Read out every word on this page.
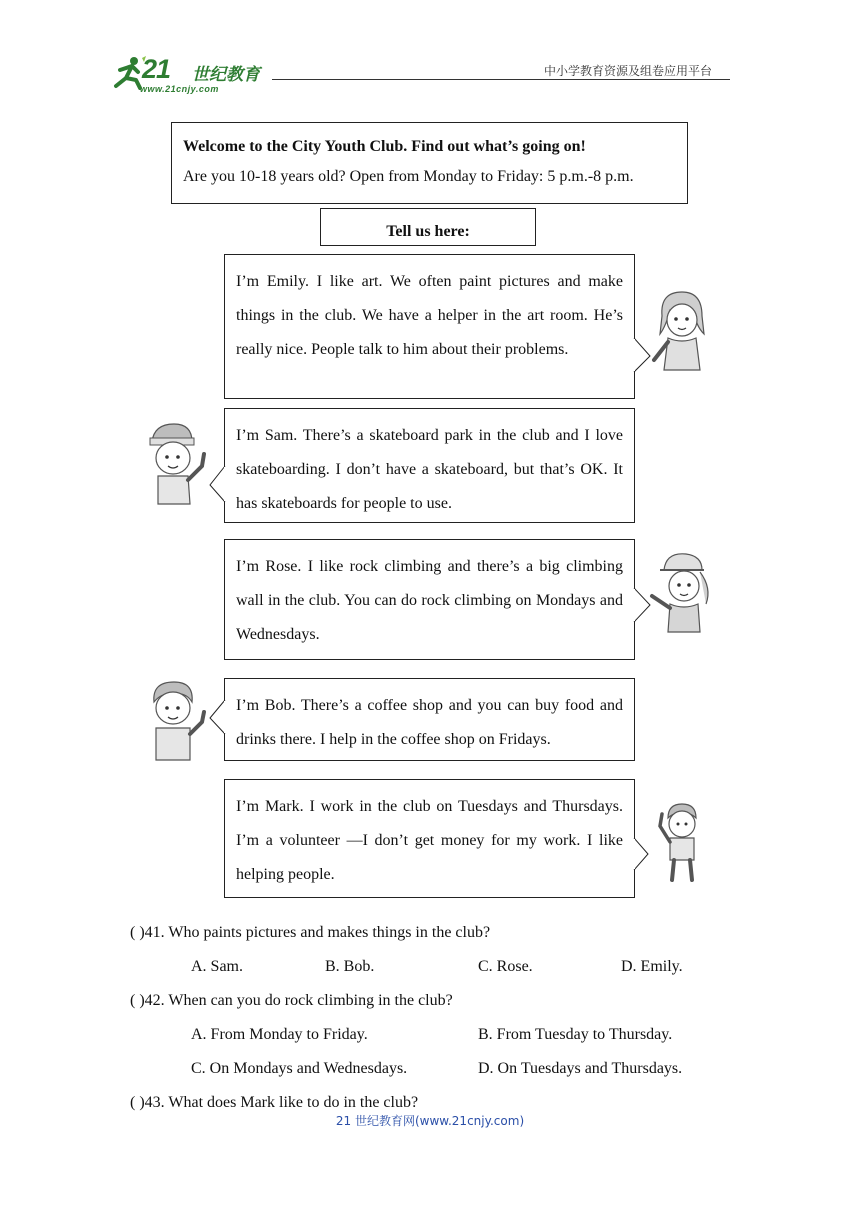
21 世纪教育
www.21cnjy.com
中小学教育资源及组卷应用平台
Welcome to the City Youth Club. Find out what’s going on!
Are you 10-18 years old? Open from Monday to Friday: 5 p.m.-8 p.m.
Tell us here:
I’m Emily. I like art. We often paint pictures and make things in the club. We have a helper in the art room. He’s really nice. People talk to him about their problems.
I’m Sam. There’s a skateboard park in the club and I love skateboarding. I don’t have a skateboard, but that’s OK. It has skateboards for people to use.
I’m Rose. I like rock climbing and there’s a big climbing wall in the club. You can do rock climbing on Mondays and Wednesdays.
I’m Bob. There’s a coffee shop and you can buy food and drinks there. I help in the coffee shop on Fridays.
I’m Mark. I work in the club on Tuesdays and Thursdays. I’m a volunteer —I don’t get money for my work. I like helping people.
( )41. Who paints pictures and makes things in the club?
A. Sam.	B. Bob.	C. Rose.	D. Emily.
( )42. When can you do rock climbing in the club?
A. From Monday to Friday.	B. From Tuesday to Thursday.
C. On Mondays and Wednesdays.	D. On Tuesdays and Thursdays.
( )43. What does Mark like to do in the club?
21 世纪教育网(www.21cnjy.com)
